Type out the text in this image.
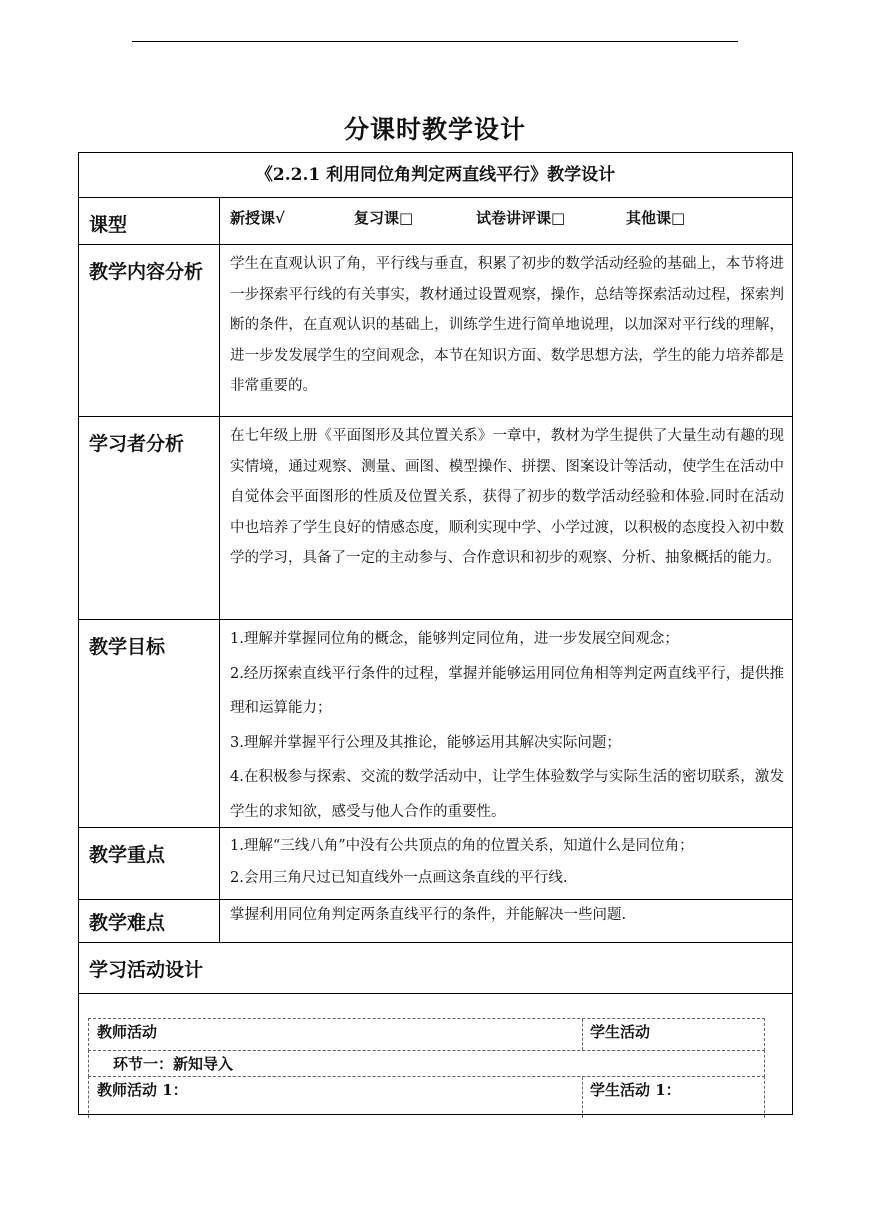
分课时教学设计
《2.2.1 利用同位角判定两直线平行》教学设计
课型	新授课√	复习课□	试卷讲评课□	其他课□
教学内容分析	学生在直观认识了角，平行线与垂直，积累了初步的数学活动经验的基础上，本节将进一步探索平行线的有关事实，教材通过设置观察，操作，总结等探索活动过程，探索判断的条件，在直观认识的基础上，训练学生进行简单地说理，以加深对平行线的理解，进一步发发展学生的空间观念，本节在知识方面、数学思想方法，学生的能力培养都是非常重要的。
学习者分析	在七年级上册《平面图形及其位置关系》一章中，教材为学生提供了大量生动有趣的现实情境，通过观察、测量、画图、模型操作、拼摆、图案设计等活动，使学生在活动中自觉体会平面图形的性质及位置关系，获得了初步的数学活动经验和体验.同时在活动中也培养了学生良好的情感态度，顺利实现中学、小学过渡，以积极的态度投入初中数学的学习，具备了一定的主动参与、合作意识和初步的观察、分析、抽象概括的能力。
教学目标	1.理解并掌握同位角的概念，能够判定同位角，进一步发展空间观念；

2.经历探索直线平行条件的过程，掌握并能够运用同位角相等判定两直线平行，提供推理和运算能力；

3.理解并掌握平行公理及其推论，能够运用其解决实际问题；

4.在积极参与探索、交流的数学活动中，让学生体验数学与实际生活的密切联系，激发学生的求知欲，感受与他人合作的重要性。

教学重点	1.理解“三线八角”中没有公共顶点的角的位置关系，知道什么是同位角；

2.会用三角尺过已知直线外一点画这条直线的平行线.

教学难点	掌握利用同位角判定两条直线平行的条件，并能解决一些问题.
学习活动设计
教师活动	学生活动
环节一：新知导入
教师活动 1：	学生活动 1：
